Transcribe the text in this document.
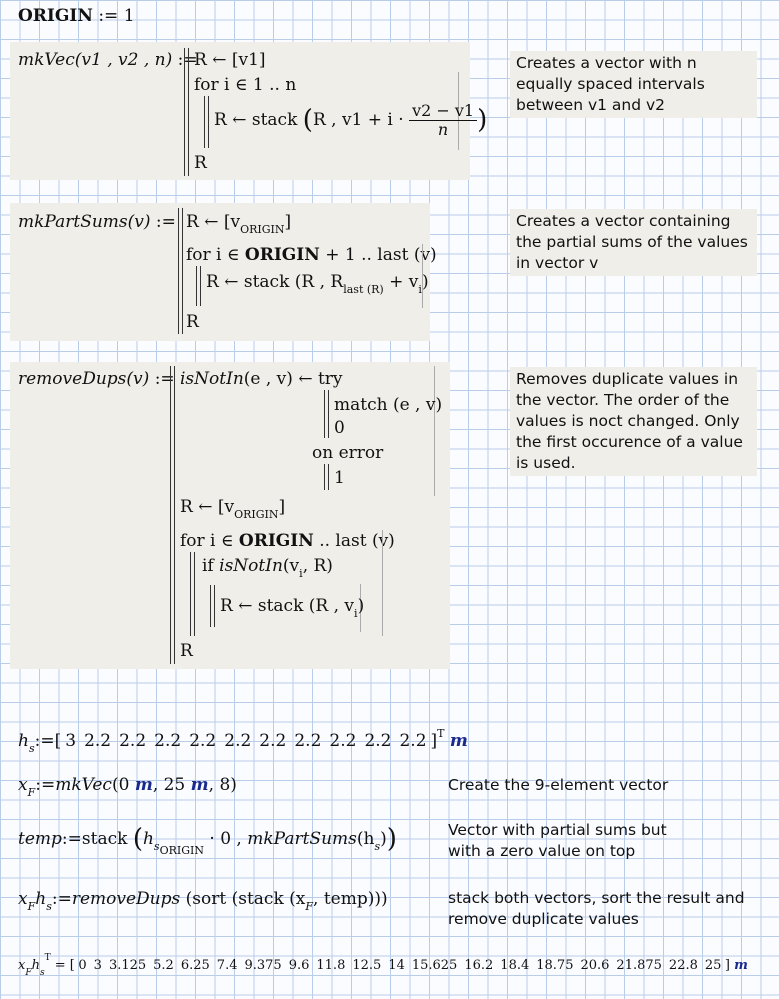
ORIGIN := 1
mkVec(v1 , v2 , n) :=
R ← [v1]
for i ∈ 1 .. n
R ← stack (R , $v1 + i \cdot \frac{v2 - v1}{n}$ )
R
Creates a vector with n equally spaced intervals between v1 and v2
mkPartSums(v) := R ← $[v_{ORIGIN}]$
for i ∈ ORIGIN + 1 .. last (v)
R ← stack (R , $R_{last (R)} + v_i$)
R
Creates a vector containing the partial sums of the values in vector v
removeDups(v) := isNotIn(e , v) ← try
match (e , v)
0
on error
1
R ← $[v_{ORIGIN}]$
for i ∈ ORIGIN .. last (v)
if $isNotIn(v_i$, R)
R ← stack (R , $v_i$)
R
Removes duplicate values in the vector. The order of the values is noct changed. Only the first occurence of a value is used.
$h_s:=$[ 3 2.2 2.2 2.2 2.2 2.2 2.2 2.2 2.2 2.2 2.2 ]$^T$ m
$x_F:=mkVec(0$ m, 25 m, 8)	Create the 9-element vector
temp:=stack ($h_{sORIGIN} \cdot 0$ , $mkPartSums(h_s)$)	Vector with partial sums but
with a zero value on top
$x_Fh_s:=removeDups$ (sort (stack ($x_F$, temp)))	stack both vectors, sort the result and
remove duplicate values
$x_Fh_s^T$ = [ 0 3 3.125 5.2 6.25 7.4 9.375 9.6 11.8 12.5 14 15.625 16.2 18.4 18.75 20.6 21.875 22.8 25 ] m
